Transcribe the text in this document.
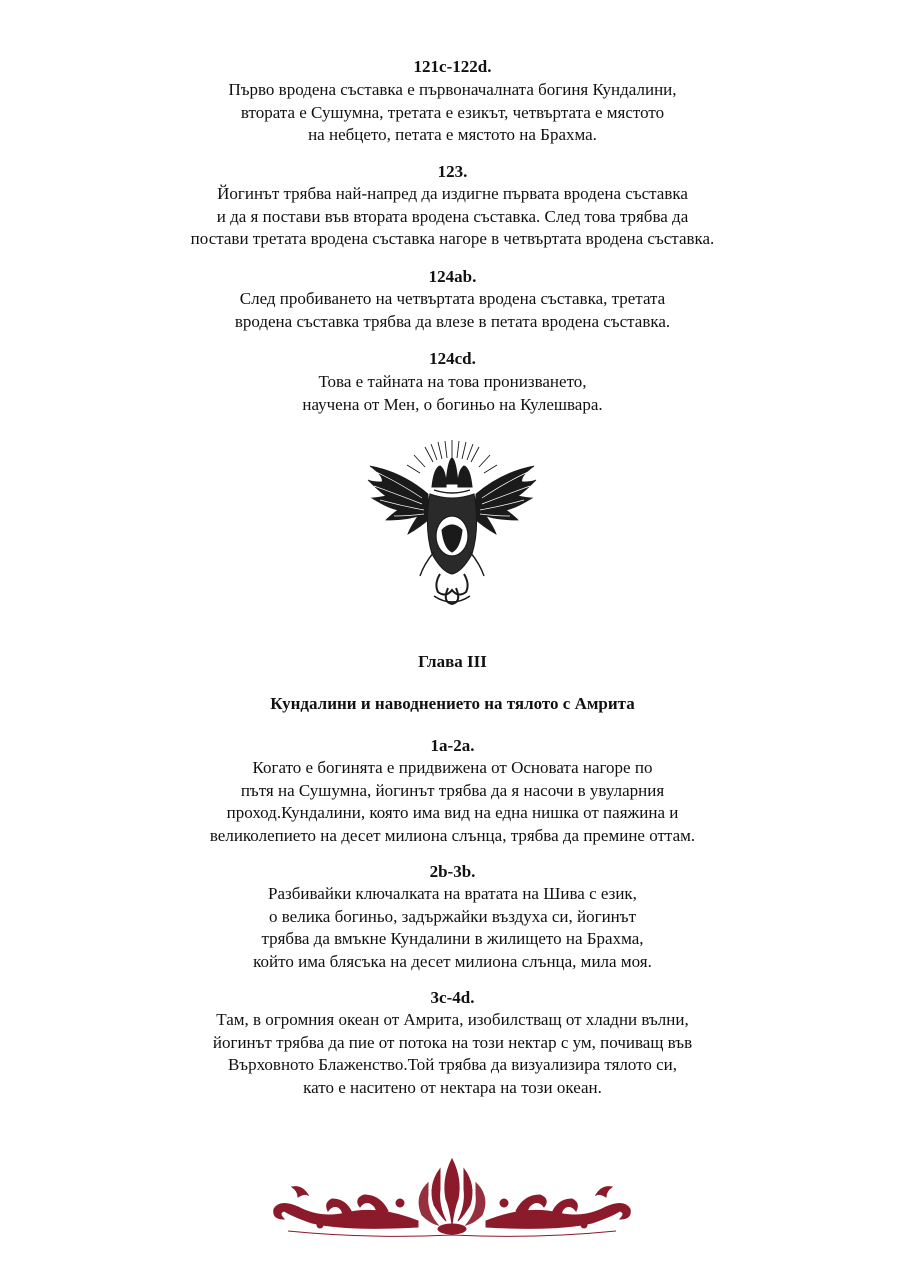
121c-122d.
Първо вродена съставка е първоначалната богиня Кундалини,
втората е Сушумна, третата е езикът, четвъртата е мястото
на небцето, петата е мястото на Брахма.
123.
Йогинът трябва най-напред да издигне първата вродена съставка
и да я постави във втората вродена съставка. След това трябва да
постави третата вродена съставка нагоре в четвъртата вродена съставка.
124ab.
След пробиването на четвъртата вродена съставка, третата
вродена съставка трябва да влезе в петата вродена съставка.
124cd.
Това е тайната на това пронизването,
научена от Мен, о богиньо на Кулешвара.
Глава III
Кундалини и наводнението на тялото с Амрита
1a-2a.
Когато е богинята е придвижена от Основата нагоре по
пътя на Сушумна, йогинът трябва да я насочи в увуларния
проход.Кундалини, която има вид на една нишка от паяжина и
великолепието на десет милиона слънца, трябва да премине оттам.
2b-3b.
Разбивайки ключалката на вратата на Шива с език,
о велика богиньо, задържайки въздуха си, йогинът
трябва да вмъкне Кундалини в жилището на Брахма,
който има блясъка на десет милиона слънца, мила моя.
3c-4d.
Там, в огромния океан от Амрита, изобилстващ от хладни вълни,
йогинът трябва да пие от потока на този нектар с ум, почиващ във
Върховното Блаженство.Той трябва да визуализира тялото си,
като е наситено от нектара на този океан.
